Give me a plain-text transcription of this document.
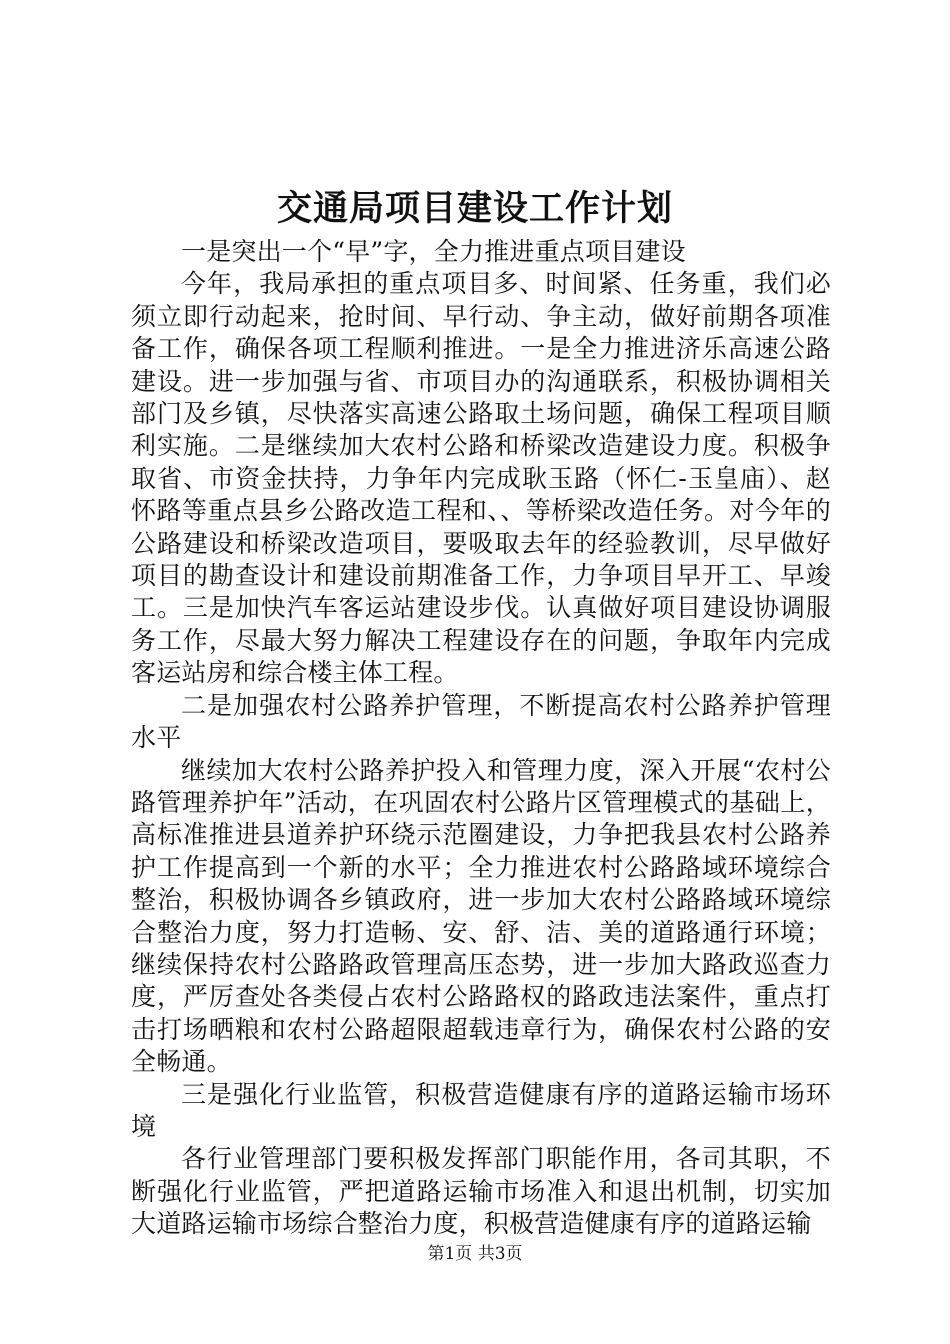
交通局项目建设工作计划

一是突出一个“早”字，全力推进重点项目建设

今年，我局承担的重点项目多、时间紧、任务重，我们必须立即行动起来，抢时间、早行动、争主动，做好前期各项准备工作，确保各项工程顺利推进。一是全力推进济乐高速公路建设。进一步加强与省、市项目办的沟通联系，积极协调相关部门及乡镇，尽快落实高速公路取土场问题，确保工程项目顺利实施。二是继续加大农村公路和桥梁改造建设力度。积极争取省、市资金扶持，力争年内完成耿玉路（怀仁-玉皇庙）、赵怀路等重点县乡公路改造工程和、、等桥梁改造任务。对今年的公路建设和桥梁改造项目，要吸取去年的经验教训，尽早做好项目的勘查设计和建设前期准备工作，力争项目早开工、早竣工。三是加快汽车客运站建设步伐。认真做好项目建设协调服务工作，尽最大努力解决工程建设存在的问题，争取年内完成客运站房和综合楼主体工程。

二是加强农村公路养护管理，不断提高农村公路养护管理水平

继续加大农村公路养护投入和管理力度，深入开展“农村公路管理养护年”活动，在巩固农村公路片区管理模式的基础上，高标准推进县道养护环绕示范圈建设，力争把我县农村公路养护工作提高到一个新的水平；全力推进农村公路路域环境综合整治，积极协调各乡镇政府，进一步加大农村公路路域环境综合整治力度，努力打造畅、安、舒、洁、美的道路通行环境；继续保持农村公路路政管理高压态势，进一步加大路政巡查力度，严厉查处各类侵占农村公路路权的路政违法案件，重点打击打场晒粮和农村公路超限超载违章行为，确保农村公路的安全畅通。

三是强化行业监管，积极营造健康有序的道路运输市场环境

各行业管理部门要积极发挥部门职能作用，各司其职，不断强化行业监管，严把道路运输市场准入和退出机制，切实加大道路运输市场综合整治力度，积极营造健康有序的道路运输

第1页 共3页
